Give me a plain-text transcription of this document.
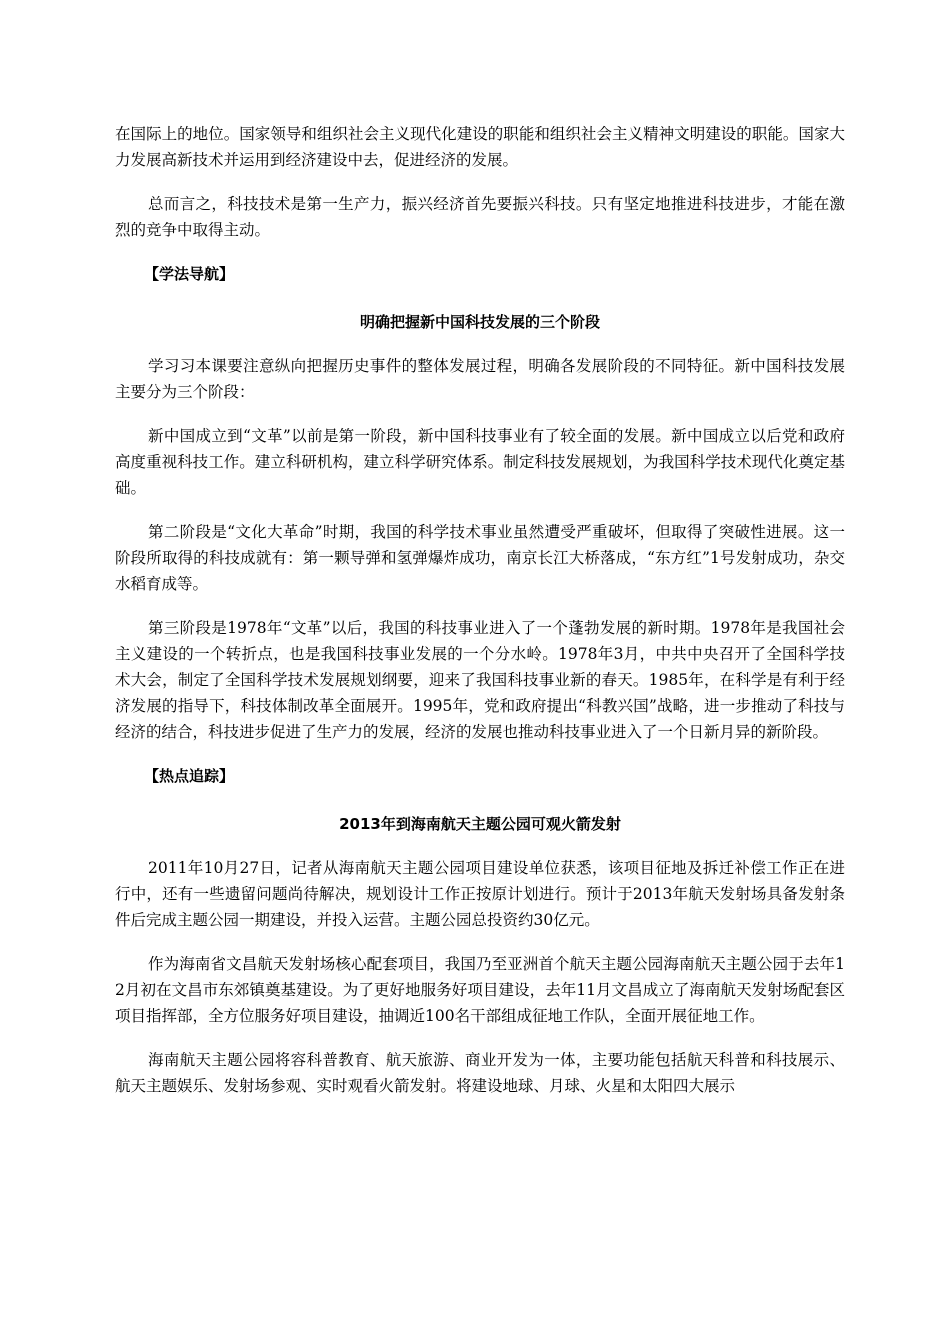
在国际上的地位。国家领导和组织社会主义现代化建设的职能和组织社会主义精神文明建设的职能。国家大力发展高新技术并运用到经济建设中去，促进经济的发展。

总而言之，科技技术是第一生产力，振兴经济首先要振兴科技。只有坚定地推进科技进步，才能在激烈的竞争中取得主动。

【学法导航】
明确把握新中国科技发展的三个阶段

学习习本课要注意纵向把握历史事件的整体发展过程，明确各发展阶段的不同特征。新中国科技发展主要分为三个阶段：

新中国成立到“文革”以前是第一阶段，新中国科技事业有了较全面的发展。新中国成立以后党和政府高度重视科技工作。建立科研机构，建立科学研究体系。制定科技发展规划，为我国科学技术现代化奠定基础。

第二阶段是“文化大革命”时期，我国的科学技术事业虽然遭受严重破坏，但取得了突破性进展。这一阶段所取得的科技成就有：第一颗导弹和氢弹爆炸成功，南京长江大桥落成，“东方红”1号发射成功，杂交水稻育成等。

第三阶段是1978年“文革”以后，我国的科技事业进入了一个蓬勃发展的新时期。1978年是我国社会主义建设的一个转折点，也是我国科技事业发展的一个分水岭。1978年3月，中共中央召开了全国科学技术大会，制定了全国科学技术发展规划纲要，迎来了我国科技事业新的春天。1985年，在科学是有利于经济发展的指导下，科技体制改革全面展开。1995年，党和政府提出“科教兴国”战略，进一步推动了科技与经济的结合，科技进步促进了生产力的发展，经济的发展也推动科技事业进入了一个日新月异的新阶段。

【热点追踪】
2013年到海南航天主题公园可观火箭发射

2011年10月27日，记者从海南航天主题公园项目建设单位获悉，该项目征地及拆迁补偿工作正在进行中，还有一些遗留问题尚待解决，规划设计工作正按原计划进行。预计于2013年航天发射场具备发射条件后完成主题公园一期建设，并投入运营。主题公园总投资约30亿元。

作为海南省文昌航天发射场核心配套项目，我国乃至亚洲首个航天主题公园海南航天主题公园于去年12月初在文昌市东郊镇奠基建设。为了更好地服务好项目建设，去年11月文昌成立了海南航天发射场配套区项目指挥部，全方位服务好项目建设，抽调近100名干部组成征地工作队，全面开展征地工作。

海南航天主题公园将容科普教育、航天旅游、商业开发为一体，主要功能包括航天科普和科技展示、航天主题娱乐、发射场参观、实时观看火箭发射。将建设地球、月球、火星和太阳四大展示
